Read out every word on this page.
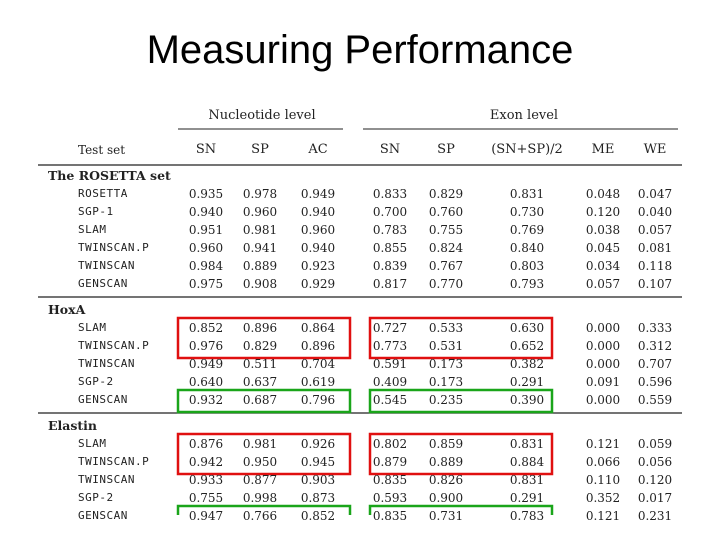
Measuring Performance
Nucleotide level	Exon level
Test set	SN	SP	AC	SN	SP	(SN+SP)/2	ME	WE
The ROSETTA set
ROSETTA	0.935	0.978	0.949	0.833	0.829	0.831	0.048	0.047
SGP-1	0.940	0.960	0.940	0.700	0.760	0.730	0.120	0.040
SLAM	0.951	0.981	0.960	0.783	0.755	0.769	0.038	0.057
TWINSCAN.P	0.960	0.941	0.940	0.855	0.824	0.840	0.045	0.081
TWINSCAN	0.984	0.889	0.923	0.839	0.767	0.803	0.034	0.118
GENSCAN	0.975	0.908	0.929	0.817	0.770	0.793	0.057	0.107
HoxA
SLAM	0.852	0.896	0.864	0.727	0.533	0.630	0.000	0.333
TWINSCAN.P	0.976	0.829	0.896	0.773	0.531	0.652	0.000	0.312
TWINSCAN	0.949	0.511	0.704	0.591	0.173	0.382	0.000	0.707
SGP-2	0.640	0.637	0.619	0.409	0.173	0.291	0.091	0.596
GENSCAN	0.932	0.687	0.796	0.545	0.235	0.390	0.000	0.559
Elastin
SLAM	0.876	0.981	0.926	0.802	0.859	0.831	0.121	0.059
TWINSCAN.P	0.942	0.950	0.945	0.879	0.889	0.884	0.066	0.056
TWINSCAN	0.933	0.877	0.903	0.835	0.826	0.831	0.110	0.120
SGP-2	0.755	0.998	0.873	0.593	0.900	0.291	0.352	0.017
GENSCAN	0.947	0.766	0.852	0.835	0.731	0.783	0.121	0.231
